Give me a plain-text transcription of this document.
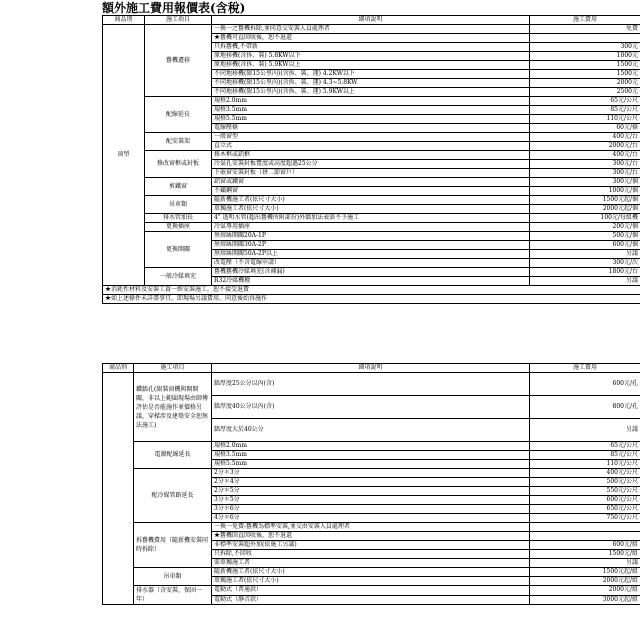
額外施工費用報價表(含稅)
商品別	施工項目	細項說明	施工費用
窗型	舊機遷移	一換一之舊機拆除,並同意交安裝人員處理者	免費
		★舊機可直回收後，恕不退還	
		只拆舊機,不帶新	300元
		原地移機(含拆、裝) 5.8KW以下	1000元
		原地移機(含拆、裝) 5.9KW以上	1500元
		不同地移機(限15公里內)(含拆、裝、運) 4.2KW以下	1500元
		不同地移機(限15公里內)(含拆、裝、運) 4.3~5.8KW	2000元
		不同地移機(限15公里內)(含拆、裝、運) 5.9KW以上	2500元
	配線延長	規格2.0mm	65元/公尺
		規格3.5mm	85元/公尺
		規格5.5mm	110元/公尺
		電線壓條	60元/條
	配安裝架	一般窗型	400元/台
		直立式	2000元/台
	修改窗框或封板	修木框或鋁框	400元/台
		冷氣孔安裝封板寬度或高度超過25公分	300元/台
		下嵌窗安裝封板（拼二節窗戶）	300元/台
	剪鐵窗	鋁窗或鐵窗	300元/個
		不鏽鋼窗	1000元/個
	吊車類	隨新機施工者(依尺寸大小)	1500元起/個
		單獨施工者(依尺寸大小)	2000元起/個
	排水管加長	4" 透明水管(超出舊機所附部份)外牆加法表需不予施工	100元/每組機
	更換插座	冷氣專用插座	200元/個
	更換開關	無熔絲開關20A-1P	500元/個
		無熔絲開關30A-2P	600元/個
		無熔絲開關50A-2P以上	另議
		改電壓（不含電線申請）	300元/次
	一般冷媒填充	舊機舊機冷媒填充(含補漏)	1800元/台
		R32冷媒機種	另議
★消耗性材料及安裝工資一經安裝施工，恕不接受退費			
★如上述條件未詳盡事宜，即現場另議費用，同意後始得施作			
商品別	施工項目	細項說明	施工費用
	鑽牆孔(限裝窗機與開開關，非以上範圍現場由師傅評估是否能施作並價格另議，穿樑涉及建築安全恕無法施工)	牆厚度25公分以內(含)	600元/孔
		牆厚度40公分以內(含)	800元/孔
		牆厚度大於40公分	另議
	電源配線延長	規格2.0mm	65元/公尺
		規格3.5mm	85元/公尺
		規格5.5mm	110元/公尺
	配冷媒管路延長	2分＊3分	400元/公尺
		2分＊4分	500元/公尺
		2分＊5分	550元/公尺
		3分＊5分	600元/公尺
		3分＊6分	650元/公尺
		4分＊6分	750元/公尺
	拆舊機費用（隨新機安裝同時拆除）	一換一免費-舊機為標準安裝,並交由安裝人員處理者	
		★舊機回直回收後，恕不退還	
		非標準安裝超外加(依施工另議)	600元/組
		只拆除,不回收	1500元/組
		需單獨施工者	另議
	吊車類	隨新機施工者(依尺寸大小)	1500元起/組
		單獨施工者(依尺寸大小)	2000元起/組
	排水器（含安裝，保固一年）	電動式（普通款）	2000元/組
		電動式（靜音款）	3000元起/組
